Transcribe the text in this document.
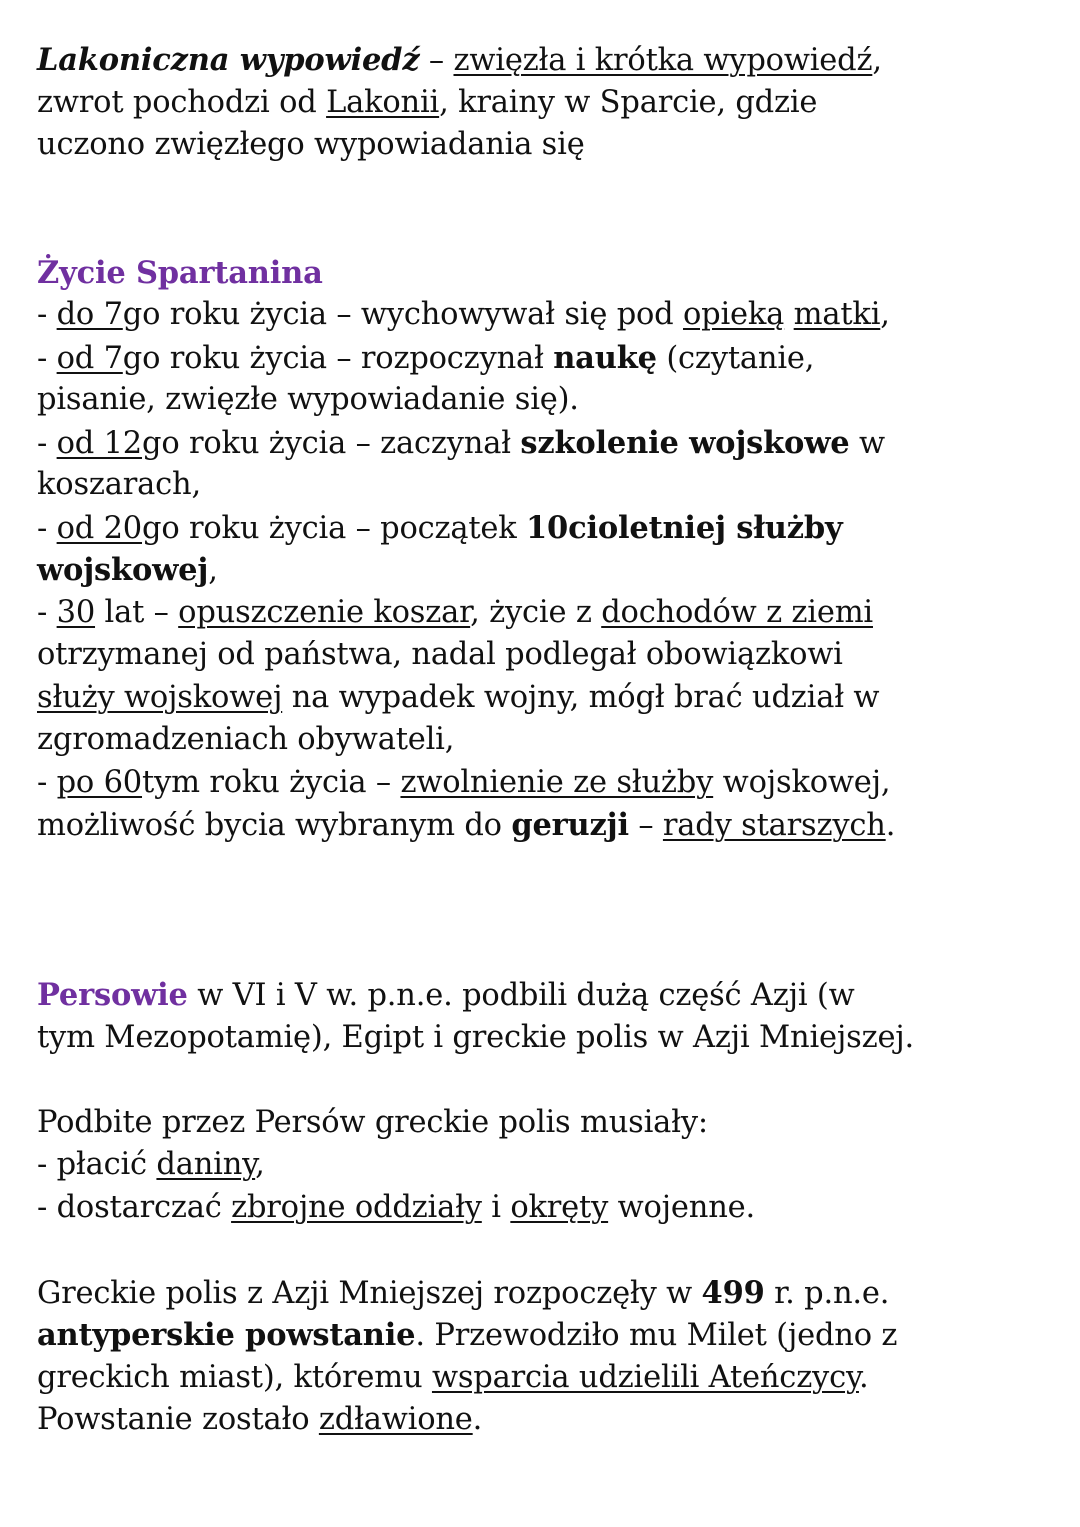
Lakoniczna wypowiedź – zwięzła i krótka wypowiedź,
zwrot pochodzi od Lakonii, krainy w Sparcie, gdzie
uczono zwięzłego wypowiadania się
Życie Spartanina
- do 7go roku życia – wychowywał się pod opieką matki,
- od 7go roku życia – rozpoczynał naukę (czytanie,
pisanie, zwięzłe wypowiadanie się).
- od 12go roku życia – zaczynał szkolenie wojskowe w
koszarach,
- od 20go roku życia – początek 10cioletniej służby
wojskowej,
- 30 lat – opuszczenie koszar, życie z dochodów z ziemi
otrzymanej od państwa, nadal podlegał obowiązkowi
służy wojskowej na wypadek wojny, mógł brać udział w
zgromadzeniach obywateli,
- po 60tym roku życia – zwolnienie ze służby wojskowej,
możliwość bycia wybranym do geruzji – rady starszych.
Persowie w VI i V w. p.n.e. podbili dużą część Azji (w
tym Mezopotamię), Egipt i greckie polis w Azji Mniejszej.
Podbite przez Persów greckie polis musiały:
- płacić daniny,
- dostarczać zbrojne oddziały i okręty wojenne.
Greckie polis z Azji Mniejszej rozpoczęły w 499 r. p.n.e.
antyperskie powstanie. Przewodziło mu Milet (jedno z
greckich miast), któremu wsparcia udzielili Ateńczycy.
Powstanie zostało zdławione.
